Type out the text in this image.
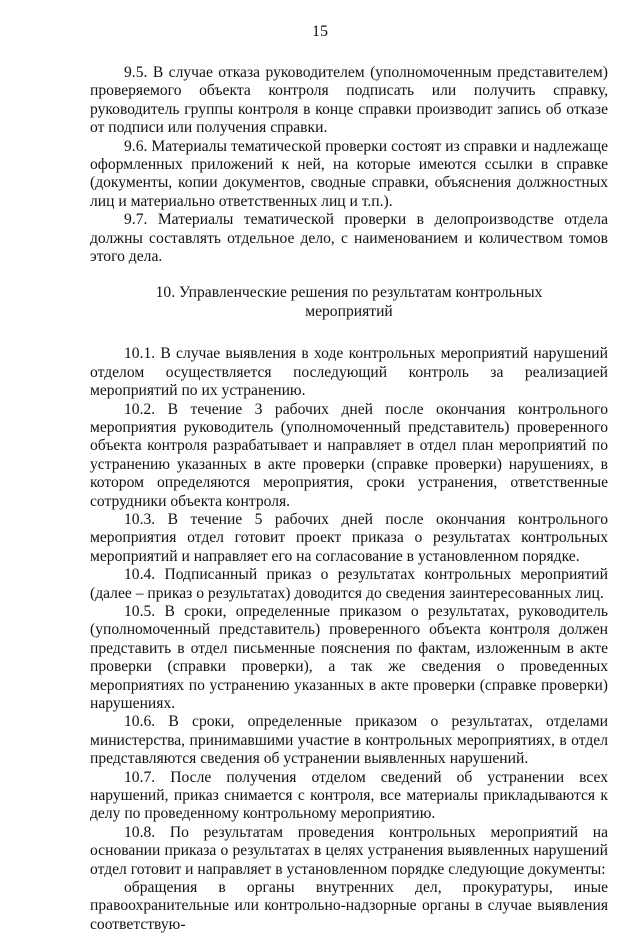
15

9.5. В случае отказа руководителем (уполномоченным представителем) проверяемого объекта контроля подписать или получить справку, руководитель группы контроля в конце справки производит запись об отказе от подписи или получения справки.

9.6. Материалы тематической проверки состоят из справки и надлежаще оформленных приложений к ней, на которые имеются ссылки в справке (документы, копии документов, сводные справки, объяснения должностных лиц и материально ответственных лиц и т.п.).

9.7. Материалы тематической проверки в делопроизводстве отдела должны составлять отдельное дело, с наименованием и количеством томов этого дела.

10. Управленческие решения по результатам контрольных
мероприятий

10.1. В случае выявления в ходе контрольных мероприятий нарушений отделом осуществляется последующий контроль за реализацией мероприятий по их устранению.

10.2. В течение 3 рабочих дней после окончания контрольного мероприятия руководитель (уполномоченный представитель) проверенного объекта контроля разрабатывает и направляет в отдел план мероприятий по устранению указанных в акте проверки (справке проверки) нарушениях, в котором определяются мероприятия, сроки устранения, ответственные сотрудники объекта контроля.

10.3. В течение 5 рабочих дней после окончания контрольного мероприятия отдел готовит проект приказа о результатах контрольных мероприятий и направляет его на согласование в установленном порядке.

10.4. Подписанный приказ о результатах контрольных мероприятий (далее – приказ о результатах) доводится до сведения заинтересованных лиц.

10.5. В сроки, определенные приказом о результатах, руководитель (уполномоченный представитель) проверенного объекта контроля должен представить в отдел письменные пояснения по фактам, изложенным в акте проверки (справки проверки), а так же сведения о проведенных мероприятиях по устранению указанных в акте проверки (справке проверки) нарушениях.

10.6. В сроки, определенные приказом о результатах, отделами министерства, принимавшими участие в контрольных мероприятиях, в отдел представляются сведения об устранении выявленных нарушений.

10.7. После получения отделом сведений об устранении всех нарушений, приказ снимается с контроля, все материалы прикладываются к делу по проведенному контрольному мероприятию.

10.8. По результатам проведения контрольных мероприятий на основании приказа о результатах в целях устранения выявленных нарушений отдел готовит и направляет в установленном порядке следующие документы:

обращения в органы внутренних дел, прокуратуры, иные правоохранительные или контрольно-надзорные органы в случае выявления соответствую-
